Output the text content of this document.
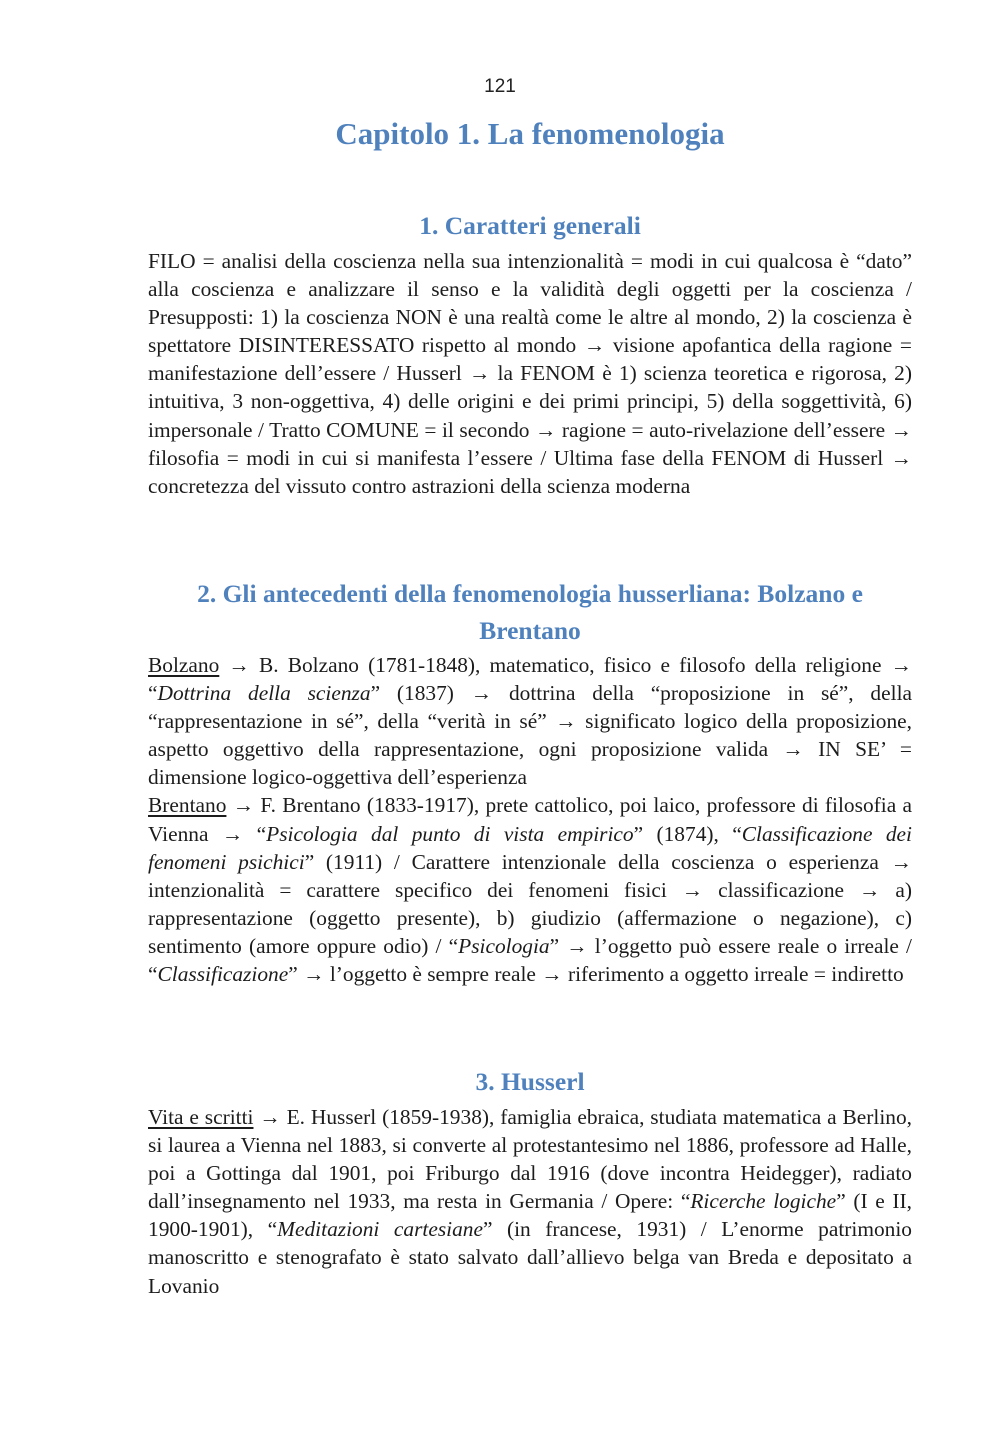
121
Capitolo 1. La fenomenologia
1. Caratteri generali

FILO = analisi della coscienza nella sua intenzionalità = modi in cui qualcosa è “dato” alla coscienza e analizzare il senso e la validità degli oggetti per la coscienza / Presupposti: 1) la coscienza NON è una realtà come le altre al mondo, 2) la coscienza è spettatore DISINTERESSATO rispetto al mondo → visione apofantica della ragione = manifestazione dell’essere / Husserl → la FENOM è 1) scienza teoretica e rigorosa, 2) intuitiva, 3 non-oggettiva, 4) delle origini e dei primi principi, 5) della soggettività, 6) impersonale / Tratto COMUNE = il secondo → ragione = auto-rivelazione dell’essere → filosofia = modi in cui si manifesta l’essere / Ultima fase della FENOM di Husserl → concretezza del vissuto contro astrazioni della scienza moderna

2. Gli antecedenti della fenomenologia husserliana: Bolzano e Brentano

Bolzano → B. Bolzano (1781-1848), matematico, fisico e filosofo della religione → “Dottrina della scienza” (1837) → dottrina della “proposizione in sé”, della “rappresentazione in sé”, della “verità in sé” → significato logico della proposizione, aspetto oggettivo della rappresentazione, ogni proposizione valida → IN SE’ = dimensione logico-oggettiva dell’esperienza

Brentano → F. Brentano (1833-1917), prete cattolico, poi laico, professore di filosofia a Vienna → “Psicologia dal punto di vista empirico” (1874), “Classificazione dei fenomeni psichici” (1911) / Carattere intenzionale della coscienza o esperienza → intenzionalità = carattere specifico dei fenomeni fisici → classificazione → a) rappresentazione (oggetto presente), b) giudizio (affermazione o negazione), c) sentimento (amore oppure odio) / “Psicologia” → l’oggetto può essere reale o irreale / “Classificazione” → l’oggetto è sempre reale → riferimento a oggetto irreale = indiretto

3. Husserl

Vita e scritti → E. Husserl (1859-1938), famiglia ebraica, studiata matematica a Berlino, si laurea a Vienna nel 1883, si converte al protestantesimo nel 1886, professore ad Halle, poi a Gottinga dal 1901, poi Friburgo dal 1916 (dove incontra Heidegger), radiato dall’insegnamento nel 1933, ma resta in Germania / Opere: “Ricerche logiche” (I e II, 1900-1901), “Meditazioni cartesiane” (in francese, 1931) / L’enorme patrimonio manoscritto e stenografato è stato salvato dall’allievo belga van Breda e depositato a Lovanio
